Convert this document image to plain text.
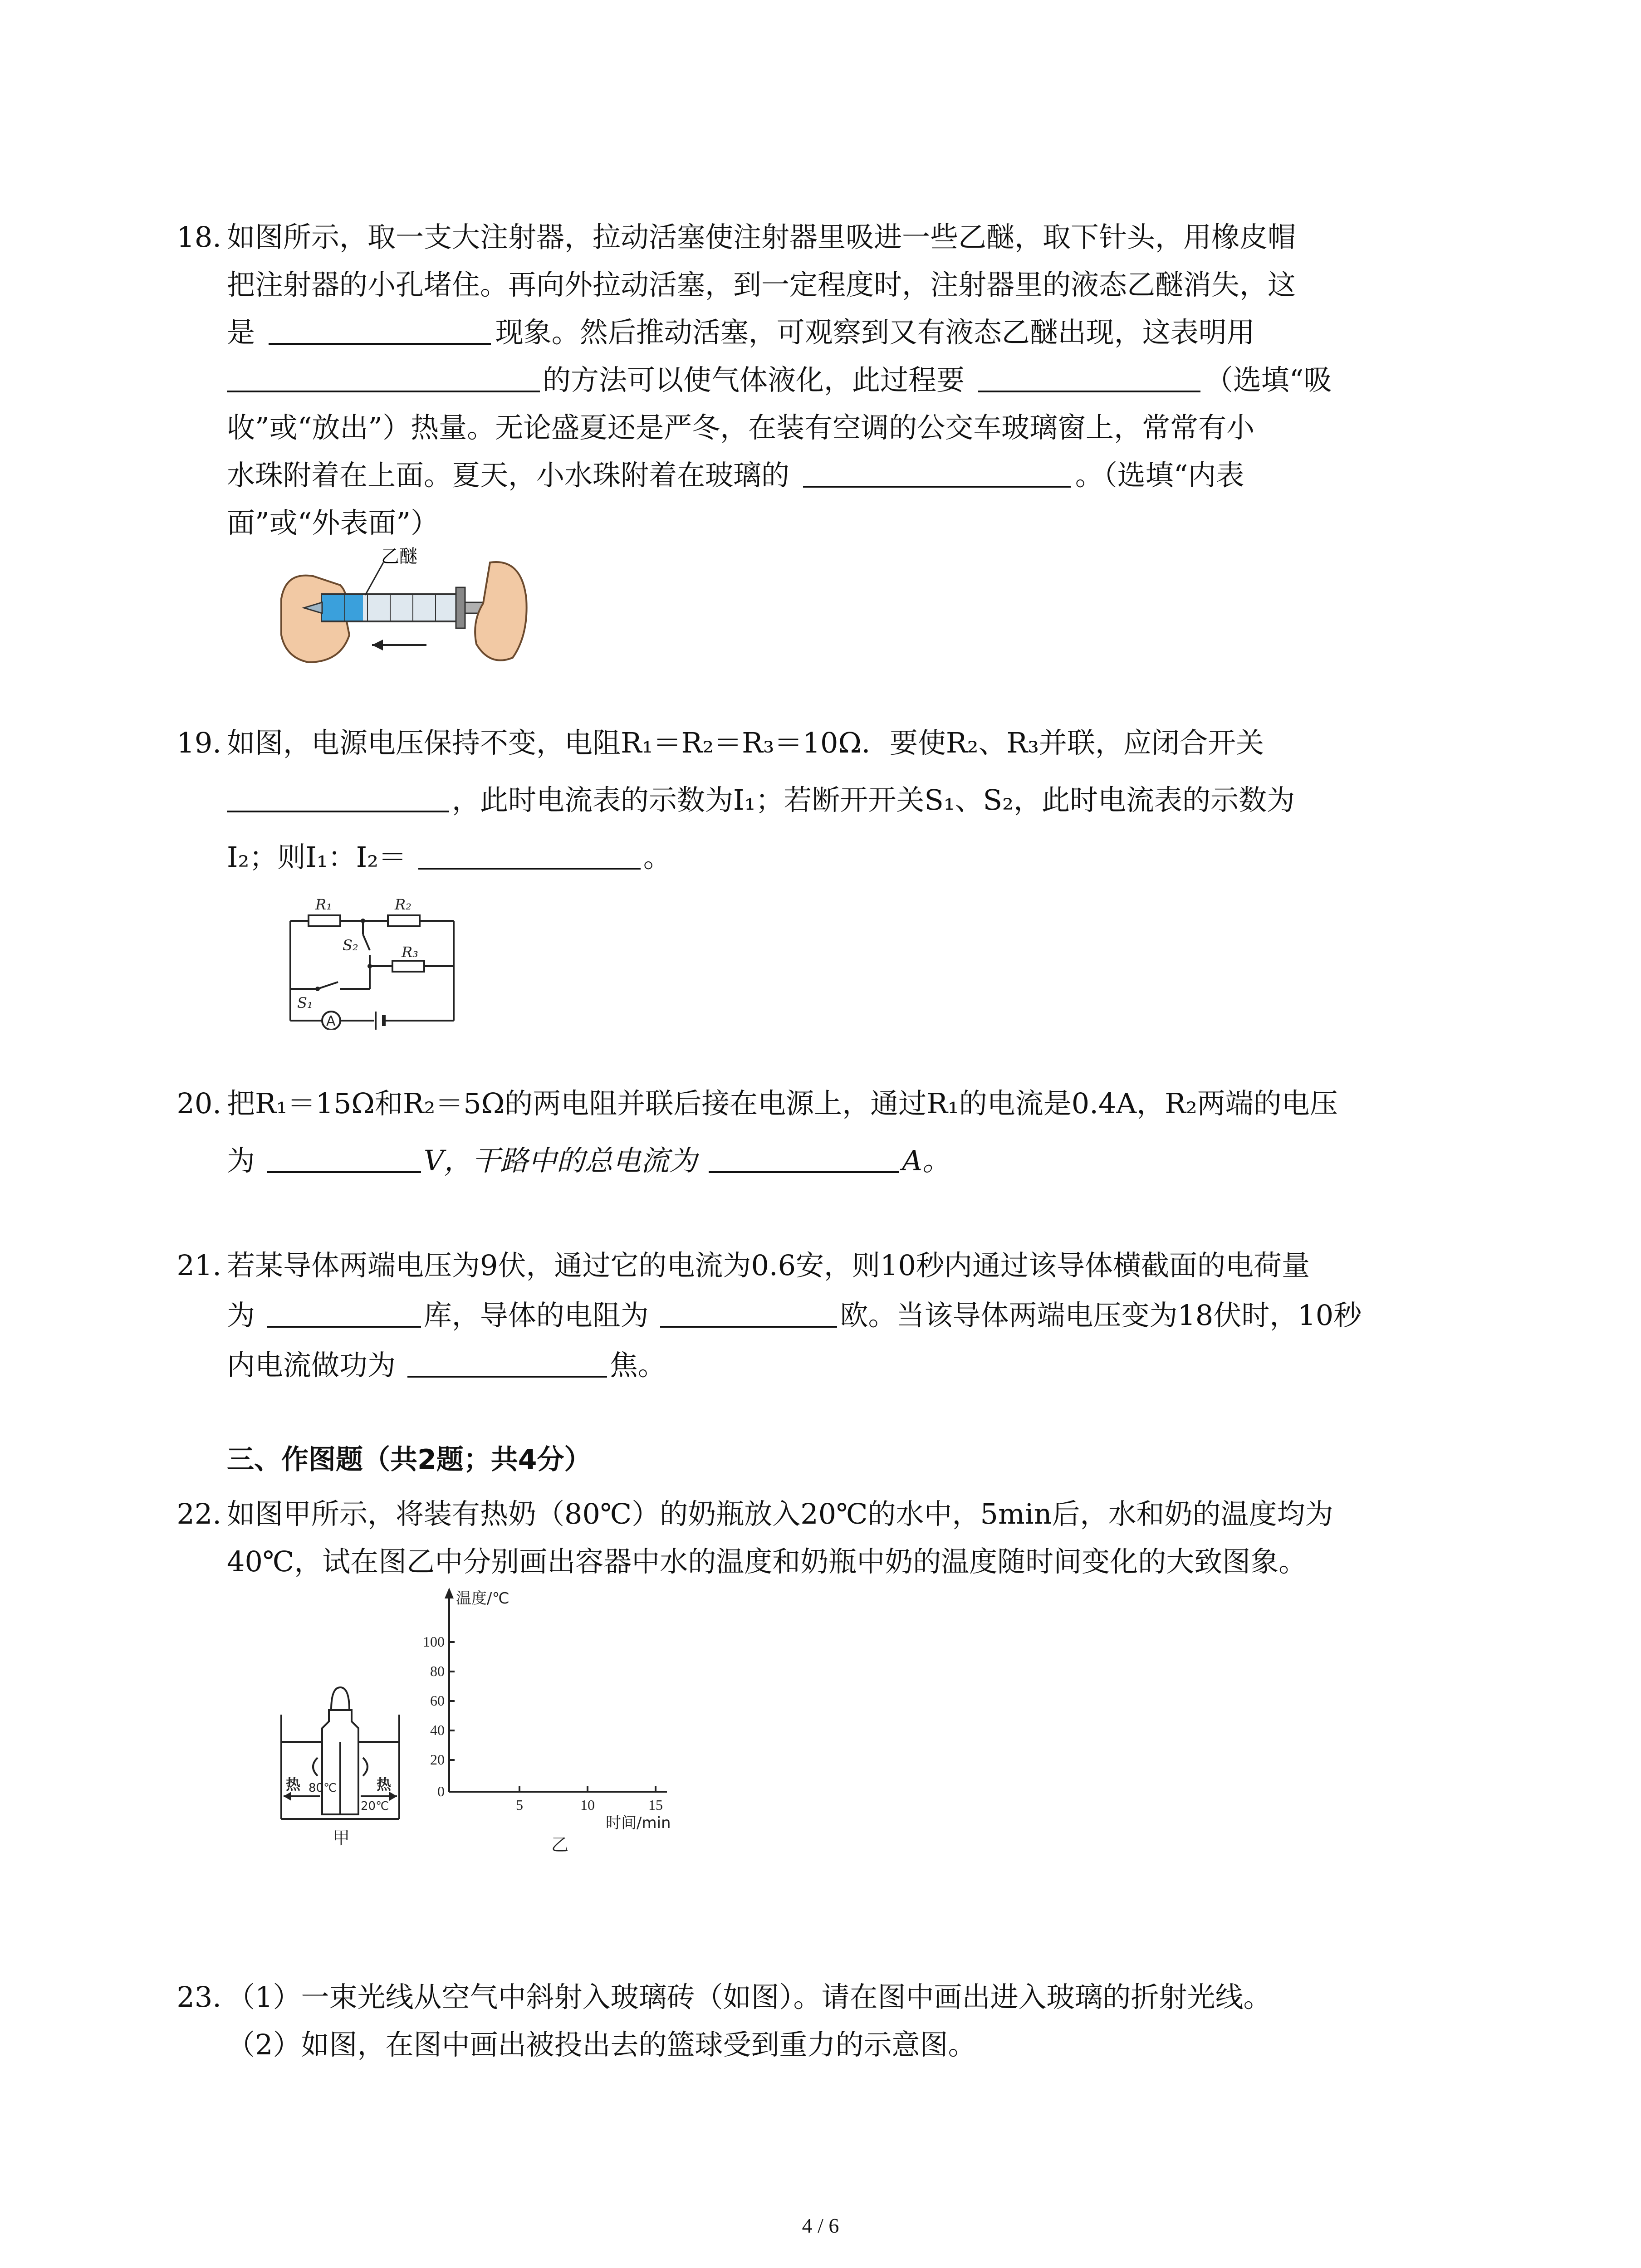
18. 如图所示，取一支大注射器，拉动活塞使注射器里吸进一些乙醚，取下针头，用橡皮帽
把注射器的小孔堵住。再向外拉动活塞，到一定程度时，注射器里的液态乙醚消失，这
是	现象。然后推动活塞，可观察到又有液态乙醚出现，这表明用
的方法可以使气体液化，此过程要	（选填“吸
收”或“放出”）热量。无论盛夏还是严冬，在装有空调的公交车玻璃窗上，常常有小
水珠附着在上面。夏天，小水珠附着在玻璃的	。（选填“内表
面”或“外表面”）
乙醚
19. 如图，电源电压保持不变，电阻R₁＝R₂＝R₃＝10Ω．要使R₂、R₃并联，应闭合开关
，此时电流表的示数为I₁；若断开开关S₁、S₂，此时电流表的示数为
I₂；则I₁：I₂＝	。
R₁	R₂
R₃
S₂
S₁
A
20. 把R₁＝15Ω和R₂＝5Ω的两电阻并联后接在电源上，通过R₁的电流是0.4A，R₂两端的电压
为	V，干路中的总电流为	A。
21. 若某导体两端电压为9伏，通过它的电流为0.6安，则10秒内通过该导体横截面的电荷量
为	库，导体的电阻为	欧。当该导体两端电压变为18伏时，10秒
内电流做功为	焦。
三、作图题（共2题；共4分）
22. 如图甲所示，将装有热奶（80℃）的奶瓶放入20℃的水中，5min后，水和奶的温度均为
40℃，试在图乙中分别画出容器中水的温度和奶瓶中奶的温度随时间变化的大致图象。
热	热
80℃
20℃
甲
温度/℃
100
80
60
40
20
0
5	10	15
时间/min
乙
23. （1）一束光线从空气中斜射入玻璃砖（如图）。请在图中画出进入玻璃的折射光线。
（2）如图，在图中画出被投出去的篮球受到重力的示意图。
4 / 6
